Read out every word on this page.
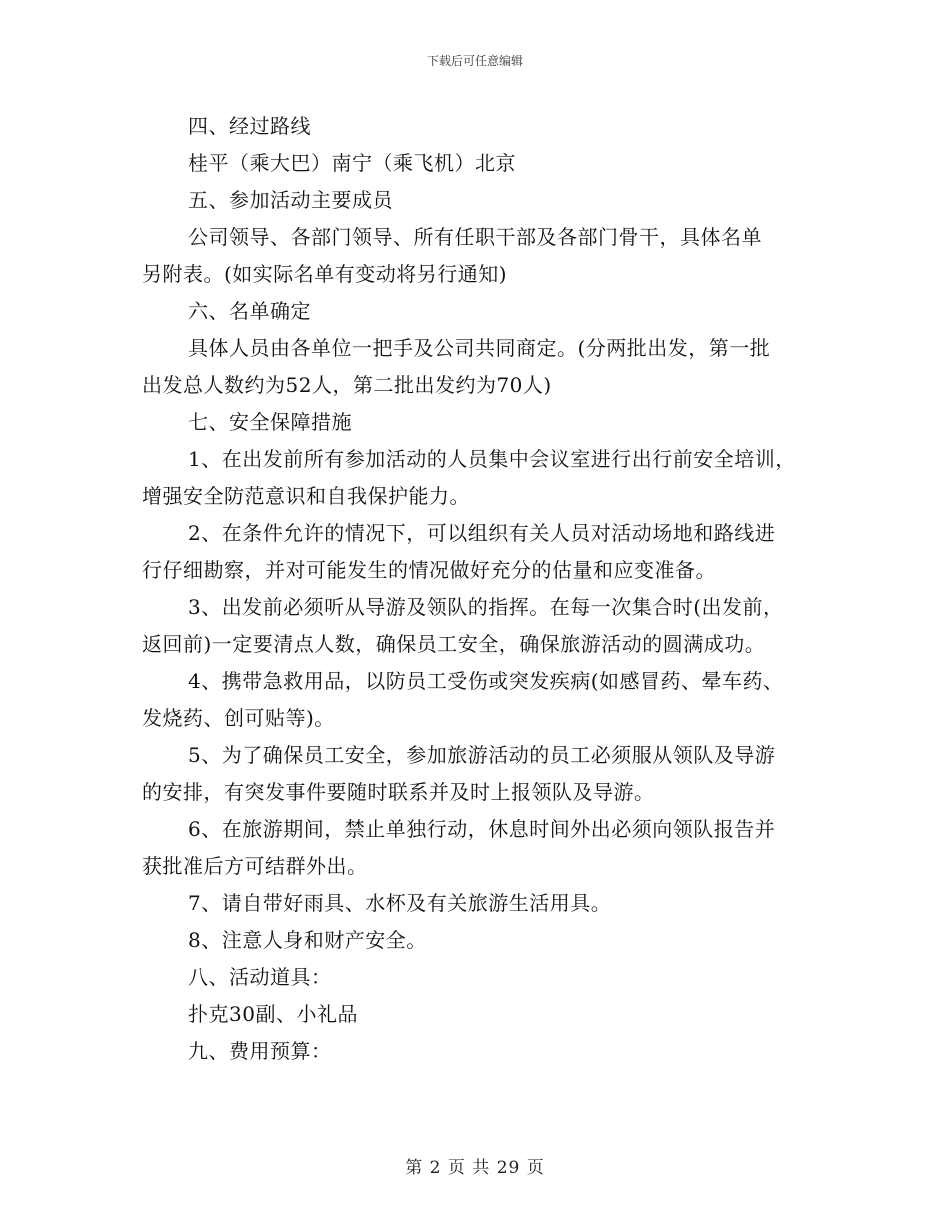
下载后可任意编辑
四、经过路线
桂平（乘大巴）南宁（乘飞机）北京
五、参加活动主要成员
公司领导、各部门领导、所有任职干部及各部门骨干，具体名单
另附表。(如实际名单有变动将另行通知)
六、名单确定
具体人员由各单位一把手及公司共同商定。(分两批出发，第一批
出发总人数约为52人，第二批出发约为70人)
七、安全保障措施
1、在出发前所有参加活动的人员集中会议室进行出行前安全培训，
增强安全防范意识和自我保护能力。
2、在条件允许的情况下，可以组织有关人员对活动场地和路线进
行仔细勘察，并对可能发生的情况做好充分的估量和应变准备。
3、出发前必须听从导游及领队的指挥。在每一次集合时(出发前，
返回前)一定要清点人数，确保员工安全，确保旅游活动的圆满成功。
4、携带急救用品，以防员工受伤或突发疾病(如感冒药、晕车药、
发烧药、创可贴等)。
5、为了确保员工安全，参加旅游活动的员工必须服从领队及导游
的安排，有突发事件要随时联系并及时上报领队及导游。
6、在旅游期间，禁止单独行动，休息时间外出必须向领队报告并
获批准后方可结群外出。
7、请自带好雨具、水杯及有关旅游生活用具。
8、注意人身和财产安全。
八、活动道具：
扑克30副、小礼品
九、费用预算：
第 2 页 共 29 页
